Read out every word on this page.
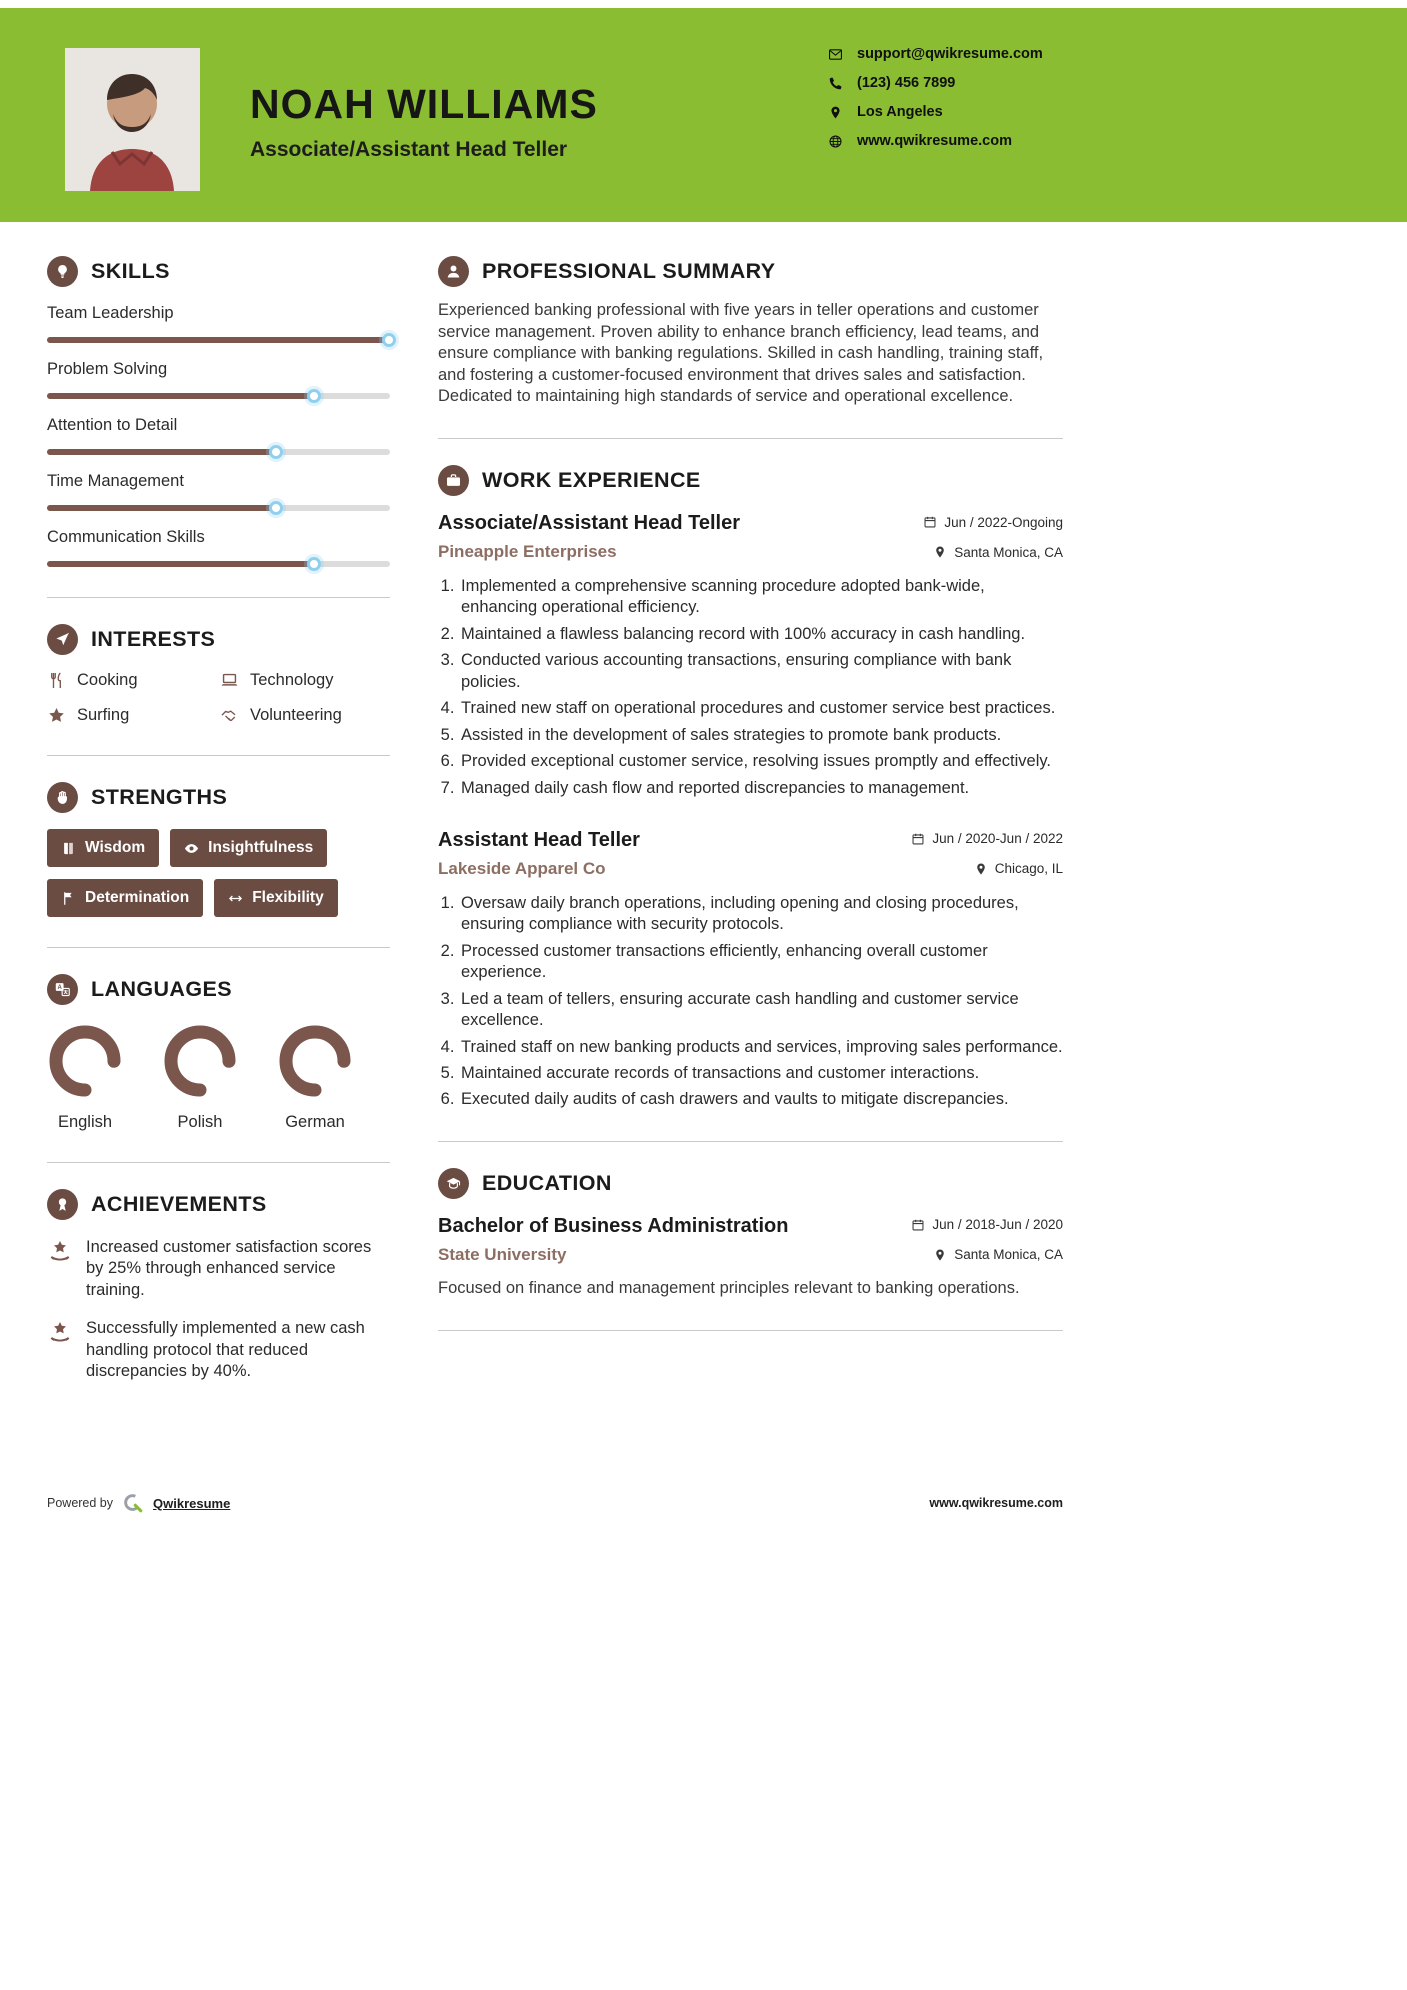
NOAH WILLIAMS
Associate/Assistant Head Teller
support@qwikresume.com
(123) 456 7899
Los Angeles
www.qwikresume.com
SKILLS
Team Leadership
Problem Solving
Attention to Detail
Time Management
Communication Skills
INTERESTS
Cooking	Technology
Surfing	Volunteering
STRENGTHS
Wisdom	Insightfulness
Determination	Flexibility
A LANGUAGES
English	Polish	German
ACHIEVEMENTS
Increased customer satisfaction scores by 25% through enhanced service training.
Successfully implemented a new cash handling protocol that reduced discrepancies by 40%.
PROFESSIONAL SUMMARY

Experienced banking professional with five years in teller operations and customer service management. Proven ability to enhance branch efficiency, lead teams, and ensure compliance with banking regulations. Skilled in cash handling, training staff, and fostering a customer-focused environment that drives sales and satisfaction. Dedicated to maintaining high standards of service and operational excellence.

WORK EXPERIENCE
Associate/Assistant Head Teller	Jun / 2022-Ongoing
Pineapple Enterprises	Santa Monica, CA
1. Implemented a comprehensive scanning procedure adopted bank-wide, enhancing operational efficiency.
2. Maintained a flawless balancing record with 100% accuracy in cash handling.
3. Conducted various accounting transactions, ensuring compliance with bank policies.
4. Trained new staff on operational procedures and customer service best practices.
5. Assisted in the development of sales strategies to promote bank products.
6. Provided exceptional customer service, resolving issues promptly and effectively.
7. Managed daily cash flow and reported discrepancies to management.
Assistant Head Teller	Jun / 2020-Jun / 2022
Lakeside Apparel Co	Chicago, IL
1. Oversaw daily branch operations, including opening and closing procedures, ensuring compliance with security protocols.
2. Processed customer transactions efficiently, enhancing overall customer experience.
3. Led a team of tellers, ensuring accurate cash handling and customer service excellence.
4. Trained staff on new banking products and services, improving sales performance.
5. Maintained accurate records of transactions and customer interactions.
6. Executed daily audits of cash drawers and vaults to mitigate discrepancies.
EDUCATION
Bachelor of Business Administration	Jun / 2018-Jun / 2020
State University	Santa Monica, CA

Focused on finance and management principles relevant to banking operations.

Powered by	Qwikresume	www.qwikresume.com
